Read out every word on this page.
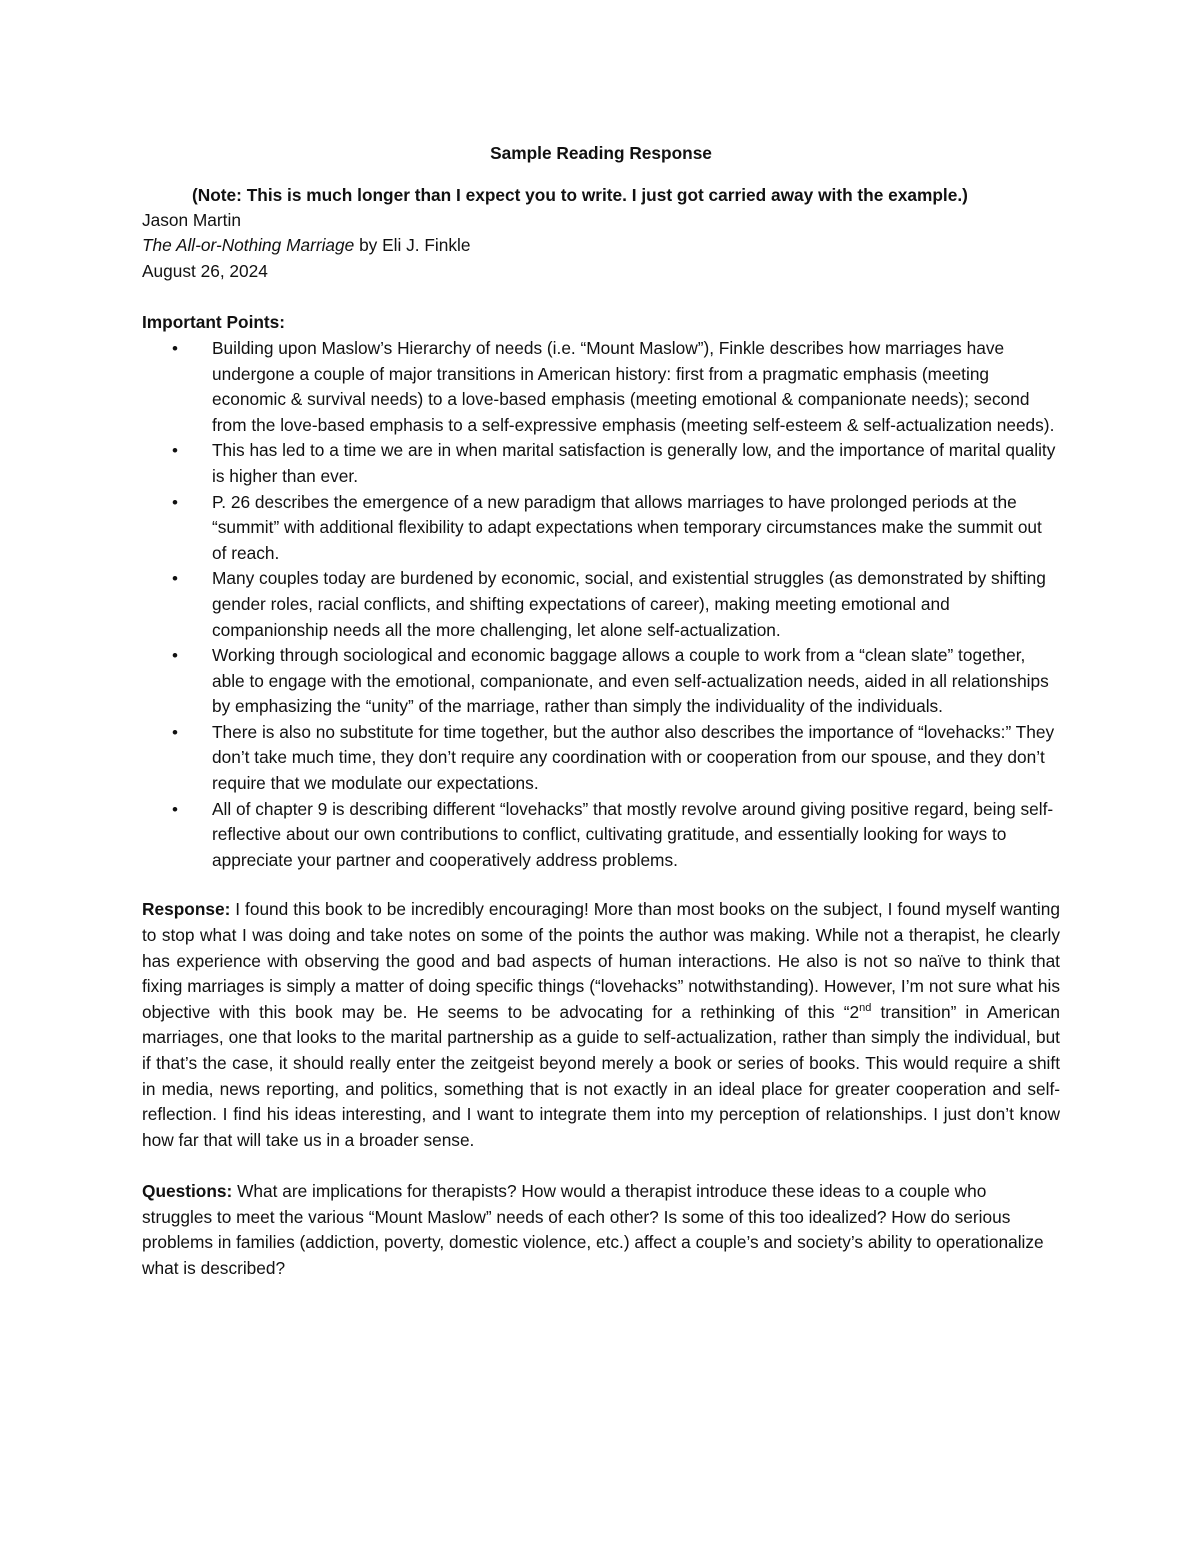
Sample Reading Response
(Note: This is much longer than I expect you to write. I just got carried away with the example.)
Jason Martin
The All-or-Nothing Marriage by Eli J. Finkle
August 26, 2024
Important Points:
•	Building upon Maslow’s Hierarchy of needs (i.e. “Mount Maslow”), Finkle describes how marriages have undergone a couple of major transitions in American history: first from a pragmatic emphasis (meeting economic & survival needs) to a love-based emphasis (meeting emotional & companionate needs); second from the love-based emphasis to a self-expressive emphasis (meeting self-esteem & self-actualization needs).
•	This has led to a time we are in when marital satisfaction is generally low, and the importance of marital quality is higher than ever.
•	P. 26 describes the emergence of a new paradigm that allows marriages to have prolonged periods at the “summit” with additional flexibility to adapt expectations when temporary circumstances make the summit out of reach.
•	Many couples today are burdened by economic, social, and existential struggles (as demonstrated by shifting gender roles, racial conflicts, and shifting expectations of career), making meeting emotional and companionship needs all the more challenging, let alone self-actualization.
•	Working through sociological and economic baggage allows a couple to work from a “clean slate” together, able to engage with the emotional, companionate, and even self-actualization needs, aided in all relationships by emphasizing the “unity” of the marriage, rather than simply the individuality of the individuals.
•	There is also no substitute for time together, but the author also describes the importance of “lovehacks:” They don’t take much time, they don’t require any coordination with or cooperation from our spouse, and they don’t require that we modulate our expectations.
•	All of chapter 9 is describing different “lovehacks” that mostly revolve around giving positive regard, being self-reflective about our own contributions to conflict, cultivating gratitude, and essentially looking for ways to appreciate your partner and cooperatively address problems.

Response: I found this book to be incredibly encouraging! More than most books on the subject, I found myself wanting to stop what I was doing and take notes on some of the points the author was making. While not a therapist, he clearly has experience with observing the good and bad aspects of human interactions. He also is not so naïve to think that fixing marriages is simply a matter of doing specific things (“lovehacks” notwithstanding). However, I’m not sure what his objective with this book may be. He seems to be advocating for a rethinking of this “2nd transition” in American marriages, one that looks to the marital partnership as a guide to self-actualization, rather than simply the individual, but if that’s the case, it should really enter the zeitgeist beyond merely a book or series of books. This would require a shift in media, news reporting, and politics, something that is not exactly in an ideal place for greater cooperation and self-reflection. I find his ideas interesting, and I want to integrate them into my perception of relationships. I just don’t know how far that will take us in a broader sense.

Questions: What are implications for therapists? How would a therapist introduce these ideas to a couple who struggles to meet the various “Mount Maslow” needs of each other? Is some of this too idealized? How do serious problems in families (addiction, poverty, domestic violence, etc.) affect a couple’s and society’s ability to operationalize what is described?
